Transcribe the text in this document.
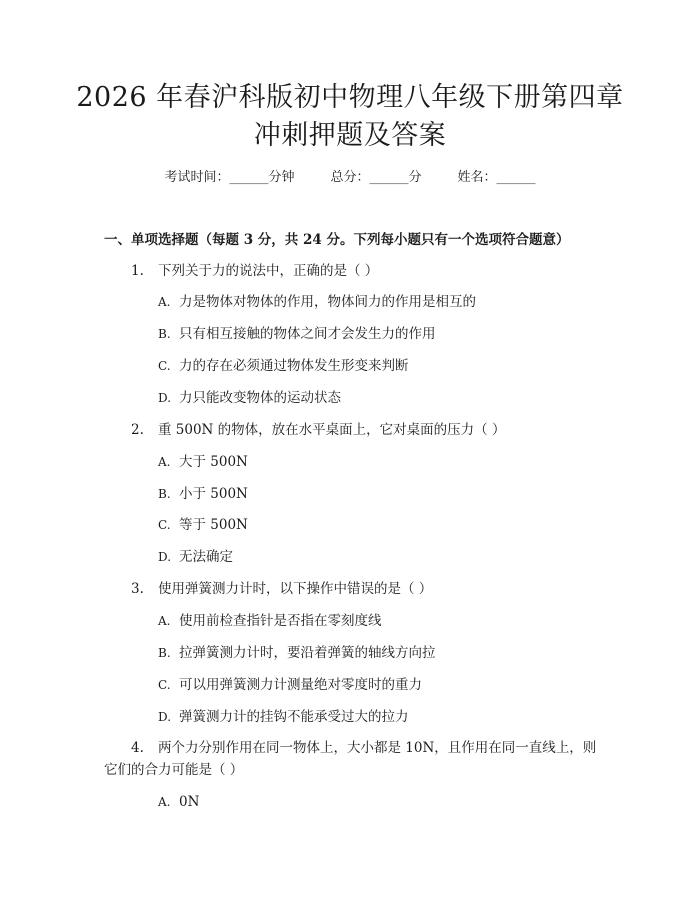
2026 年春沪科版初中物理八年级下册第四章
冲刺押题及答案
考试时间：______分钟	总分：______分	姓名：______
一、单项选择题（每题 3 分，共 24 分。下列每小题只有一个选项符合题意）
1. 下列关于力的说法中，正确的是（ ）
A. 力是物体对物体的作用，物体间力的作用是相互的
B. 只有相互接触的物体之间才会发生力的作用
C. 力的存在必须通过物体发生形变来判断
D. 力只能改变物体的运动状态
2. 重 500N 的物体，放在水平桌面上，它对桌面的压力（ ）
A. 大于 500N
B. 小于 500N
C. 等于 500N
D. 无法确定
3. 使用弹簧测力计时，以下操作中错误的是（ ）
A. 使用前检查指针是否指在零刻度线
B. 拉弹簧测力计时，要沿着弹簧的轴线方向拉
C. 可以用弹簧测力计测量绝对零度时的重力
D. 弹簧测力计的挂钩不能承受过大的拉力
4. 两个力分别作用在同一物体上，大小都是 10N，且作用在同一直线上，则它们的合力可能是（ ）
A. 0N
